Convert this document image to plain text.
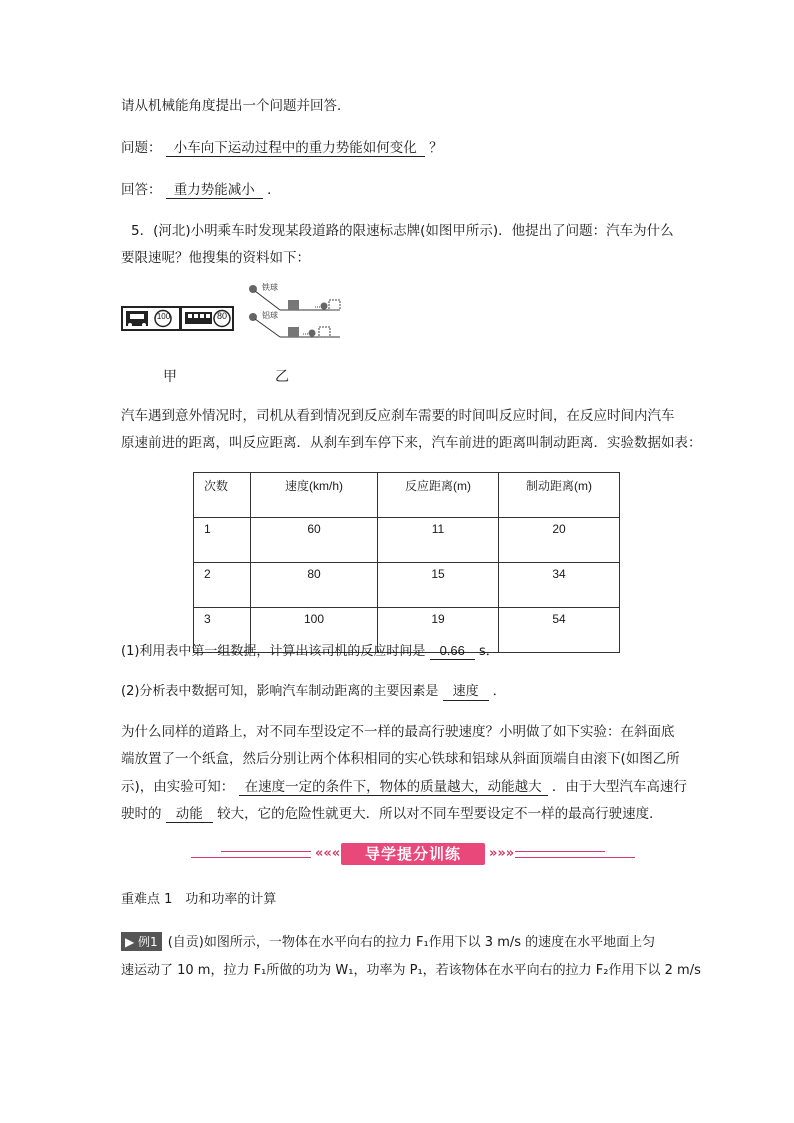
请从机械能角度提出一个问题并回答．
问题： 小车向下运动过程中的重力势能如何变化 ？
回答： 重力势能减小 ．
5．(河北)小明乘车时发现某段道路的限速标志牌(如图甲所示)．他提出了问题：汽车为什么
要限速呢？他搜集的资料如下：
100	80
铁球
铝球
甲	乙
汽车遇到意外情况时，司机从看到情况到反应刹车需要的时间叫反应时间，在反应时间内汽车
原速前进的距离，叫反应距离．从刹车到车停下来，汽车前进的距离叫制动距离．实验数据如表：
次数	速度(km/h)	反应距离(m)	制动距离(m)
1	60	11	20
2	80	15	34
3	100	19	54
(1)利用表中第一组数据，计算出该司机的反应时间是 0.66 s．
(2)分析表中数据可知，影响汽车制动距离的主要因素是 速度 ．
为什么同样的道路上，对不同车型设定不一样的最高行驶速度？小明做了如下实验：在斜面底
端放置了一个纸盒，然后分别让两个体积相同的实心铁球和铝球从斜面顶端自由滚下(如图乙所
示)，由实验可知： 在速度一定的条件下，物体的质量越大，动能越大 ．由于大型汽车高速行
驶时的 动能 较大，它的危险性就更大．所以对不同车型要设定不一样的最高行驶速度．
«««	导学提分训练	»»»
重难点 1　功和功率的计算
▶ 例1 (自贡)如图所示，一物体在水平向右的拉力 F₁作用下以 3 m/s 的速度在水平地面上匀
速运动了 10 m，拉力 F₁所做的功为 W₁，功率为 P₁，若该物体在水平向右的拉力 F₂作用下以 2 m/s
